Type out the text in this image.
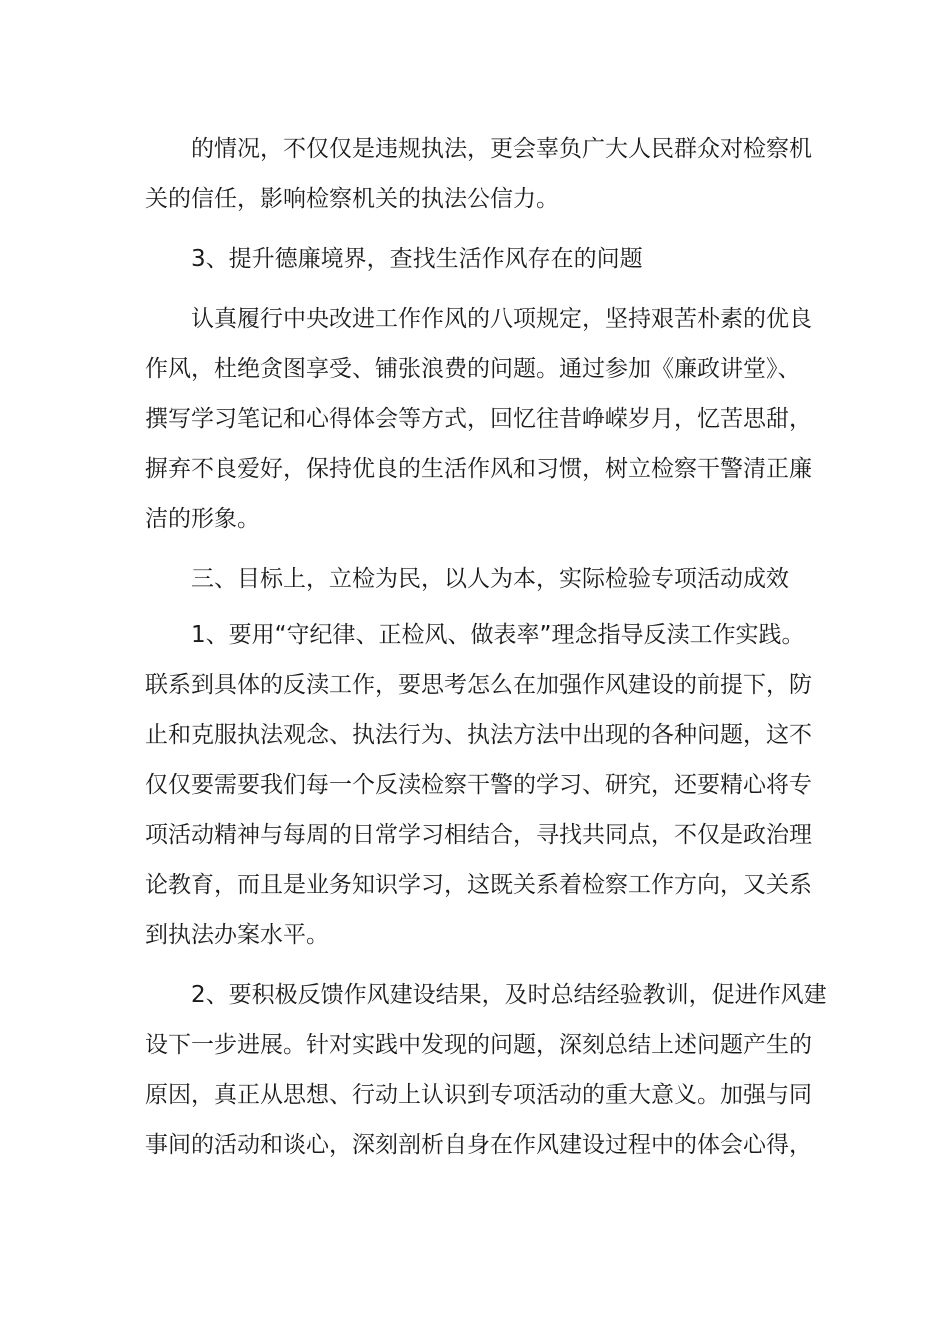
的情况，不仅仅是违规执法，更会辜负广大人民群众对检察机
关的信任，影响检察机关的执法公信力。
3、提升德廉境界，查找生活作风存在的问题
认真履行中央改进工作作风的八项规定，坚持艰苦朴素的优良
作风，杜绝贪图享受、铺张浪费的问题。通过参加《廉政讲堂》、
撰写学习笔记和心得体会等方式，回忆往昔峥嵘岁月，忆苦思甜，
摒弃不良爱好，保持优良的生活作风和习惯，树立检察干警清正廉
洁的形象。
三、目标上，立检为民，以人为本，实际检验专项活动成效
1、要用“守纪律、正检风、做表率”理念指导反渎工作实践。
联系到具体的反渎工作，要思考怎么在加强作风建设的前提下，防
止和克服执法观念、执法行为、执法方法中出现的各种问题，这不
仅仅要需要我们每一个反渎检察干警的学习、研究，还要精心将专
项活动精神与每周的日常学习相结合，寻找共同点，不仅是政治理
论教育，而且是业务知识学习，这既关系着检察工作方向，又关系
到执法办案水平。
2、要积极反馈作风建设结果，及时总结经验教训，促进作风建
设下一步进展。针对实践中发现的问题，深刻总结上述问题产生的
原因，真正从思想、行动上认识到专项活动的重大意义。加强与同
事间的活动和谈心，深刻剖析自身在作风建设过程中的体会心得，
